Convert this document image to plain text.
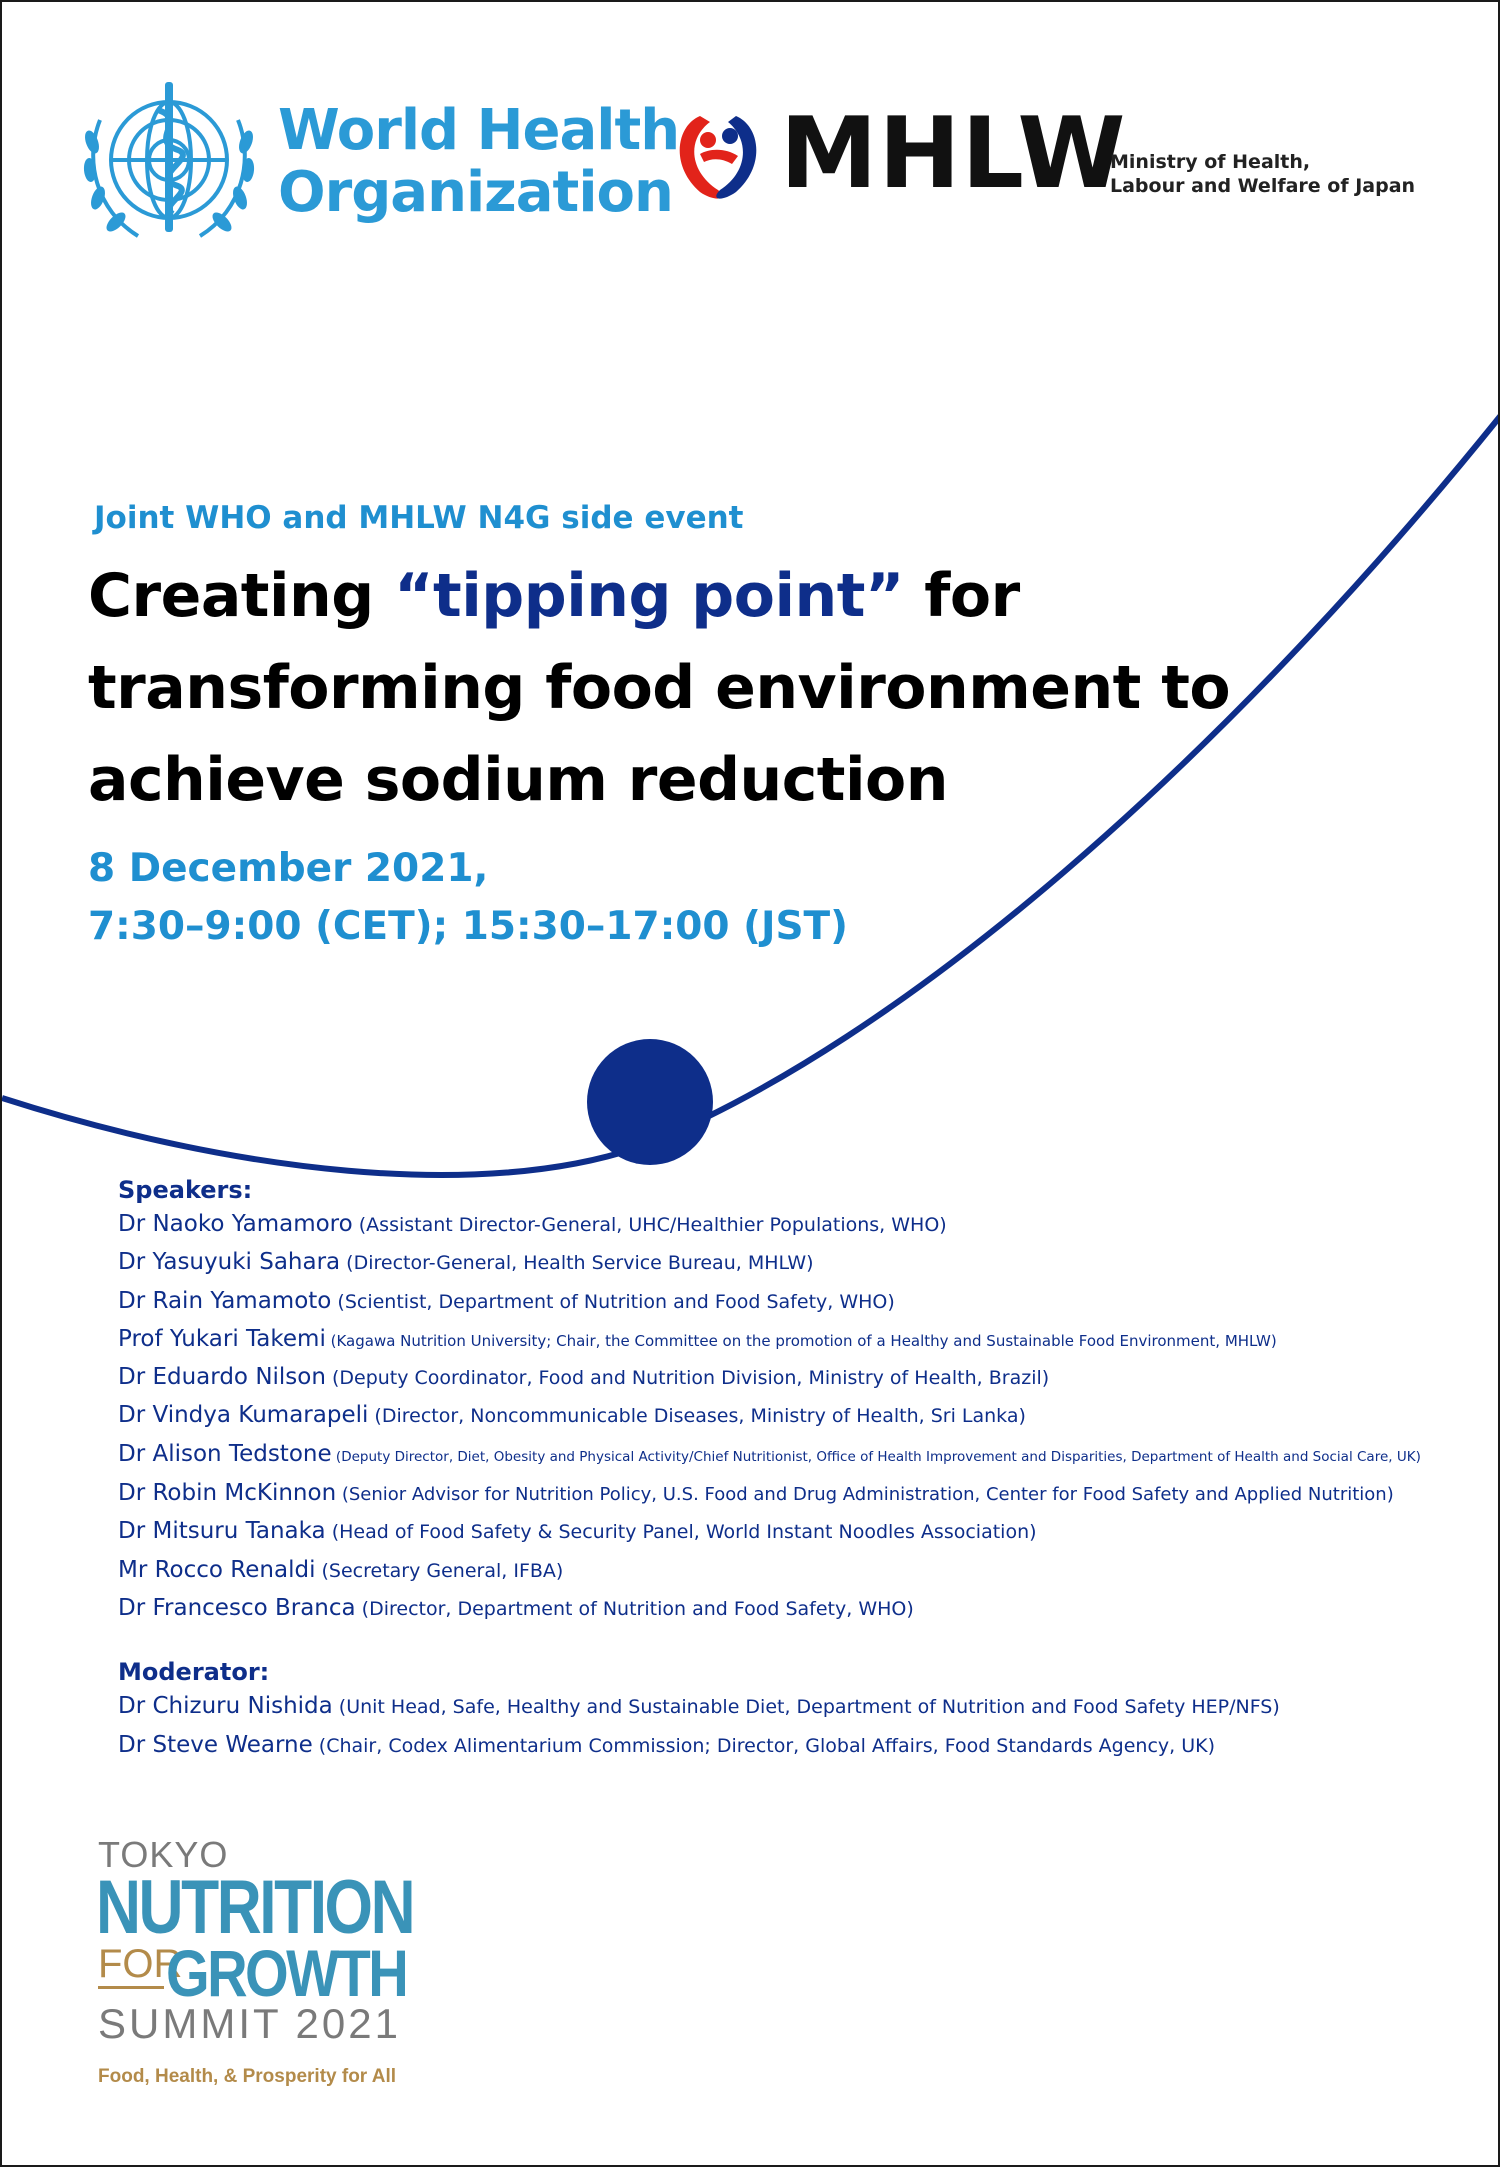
World Health
Organization MHLW
Ministry of Health,
Labour and Welfare of Japan
Joint WHO and MHLW N4G side event
Creating “tipping point” for
transforming food environment to
achieve sodium reduction
8 December 2021,
7:30–9:00 (CET); 15:30–17:00 (JST)
Speakers:
Dr Naoko Yamamoro (Assistant Director-General, UHC/Healthier Populations, WHO)
Dr Yasuyuki Sahara (Director-General, Health Service Bureau, MHLW)
Dr Rain Yamamoto (Scientist, Department of Nutrition and Food Safety, WHO)
Prof Yukari Takemi (Kagawa Nutrition University; Chair, the Committee on the promotion of a Healthy and Sustainable Food Environment, MHLW)
Dr Eduardo Nilson (Deputy Coordinator, Food and Nutrition Division, Ministry of Health, Brazil)
Dr Vindya Kumarapeli (Director, Noncommunicable Diseases, Ministry of Health, Sri Lanka)
Dr Alison Tedstone (Deputy Director, Diet, Obesity and Physical Activity/Chief Nutritionist, Office of Health Improvement and Disparities, Department of Health and Social Care, UK)
Dr Robin McKinnon (Senior Advisor for Nutrition Policy, U.S. Food and Drug Administration, Center for Food Safety and Applied Nutrition)
Dr Mitsuru Tanaka (Head of Food Safety & Security Panel, World Instant Noodles Association)
Mr Rocco Renaldi (Secretary General, IFBA)
Dr Francesco Branca (Director, Department of Nutrition and Food Safety, WHO)
Moderator:
Dr Chizuru Nishida (Unit Head, Safe, Healthy and Sustainable Diet, Department of Nutrition and Food Safety HEP/NFS)
Dr Steve Wearne (Chair, Codex Alimentarium Commission; Director, Global Affairs, Food Standards Agency, UK)
TOKYO
NUTRITION
FOR
GROWTH
SUMMIT 2021
Food, Health, & Prosperity for All
